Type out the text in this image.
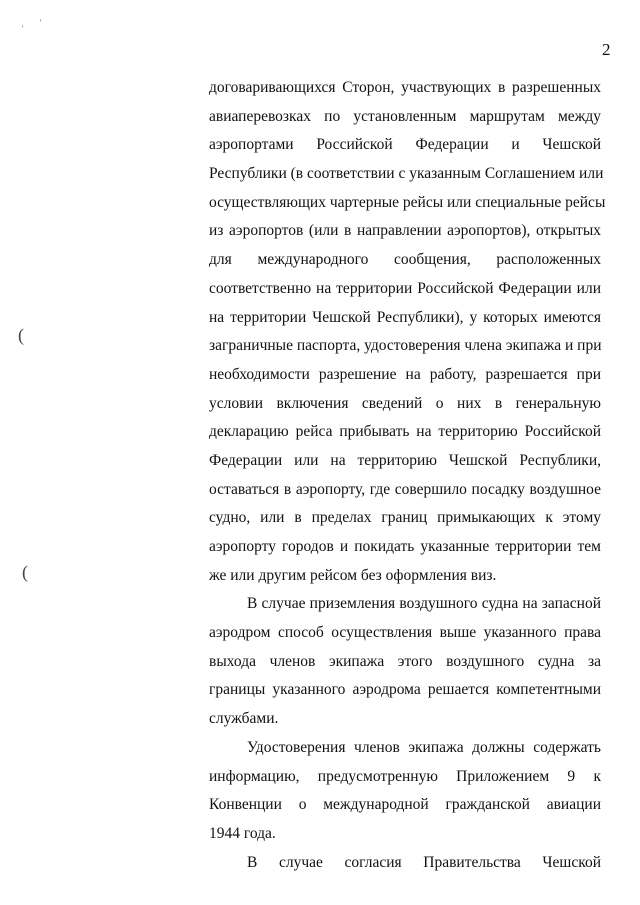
2
'
'
(
(
договаривающихся Сторон, участвующих в разрешенных
авиаперевозках по установленным маршрутам между
аэропортами Российской Федерации и Чешской
Республики (в соответствии с указанным Соглашением или
осуществляющих чартерные рейсы или специальные рейсы
из аэропортов (или в направлении аэропортов), открытых
для международного сообщения, расположенных
соответственно на территории Российской Федерации или
на территории Чешской Республики), у которых имеются
заграничные паспорта, удостоверения члена экипажа и при
необходимости разрешение на работу, разрешается при
условии включения сведений о них в генеральную
декларацию рейса прибывать на территорию Российской
Федерации или на территорию Чешской Республики,
оставаться в аэропорту, где совершило посадку воздушное
судно, или в пределах границ примыкающих к этому
аэропорту городов и покидать указанные территории тем
же или другим рейсом без оформления виз.
В случае приземления воздушного судна на запасной
аэродром способ осуществления выше указанного права
выхода членов экипажа этого воздушного судна за
границы указанного аэродрома решается компетентными
службами.
Удостоверения членов экипажа должны содержать
информацию, предусмотренную Приложением 9 к
Конвенции о международной гражданской авиации
1944 года.
В случае согласия Правительства Чешской
